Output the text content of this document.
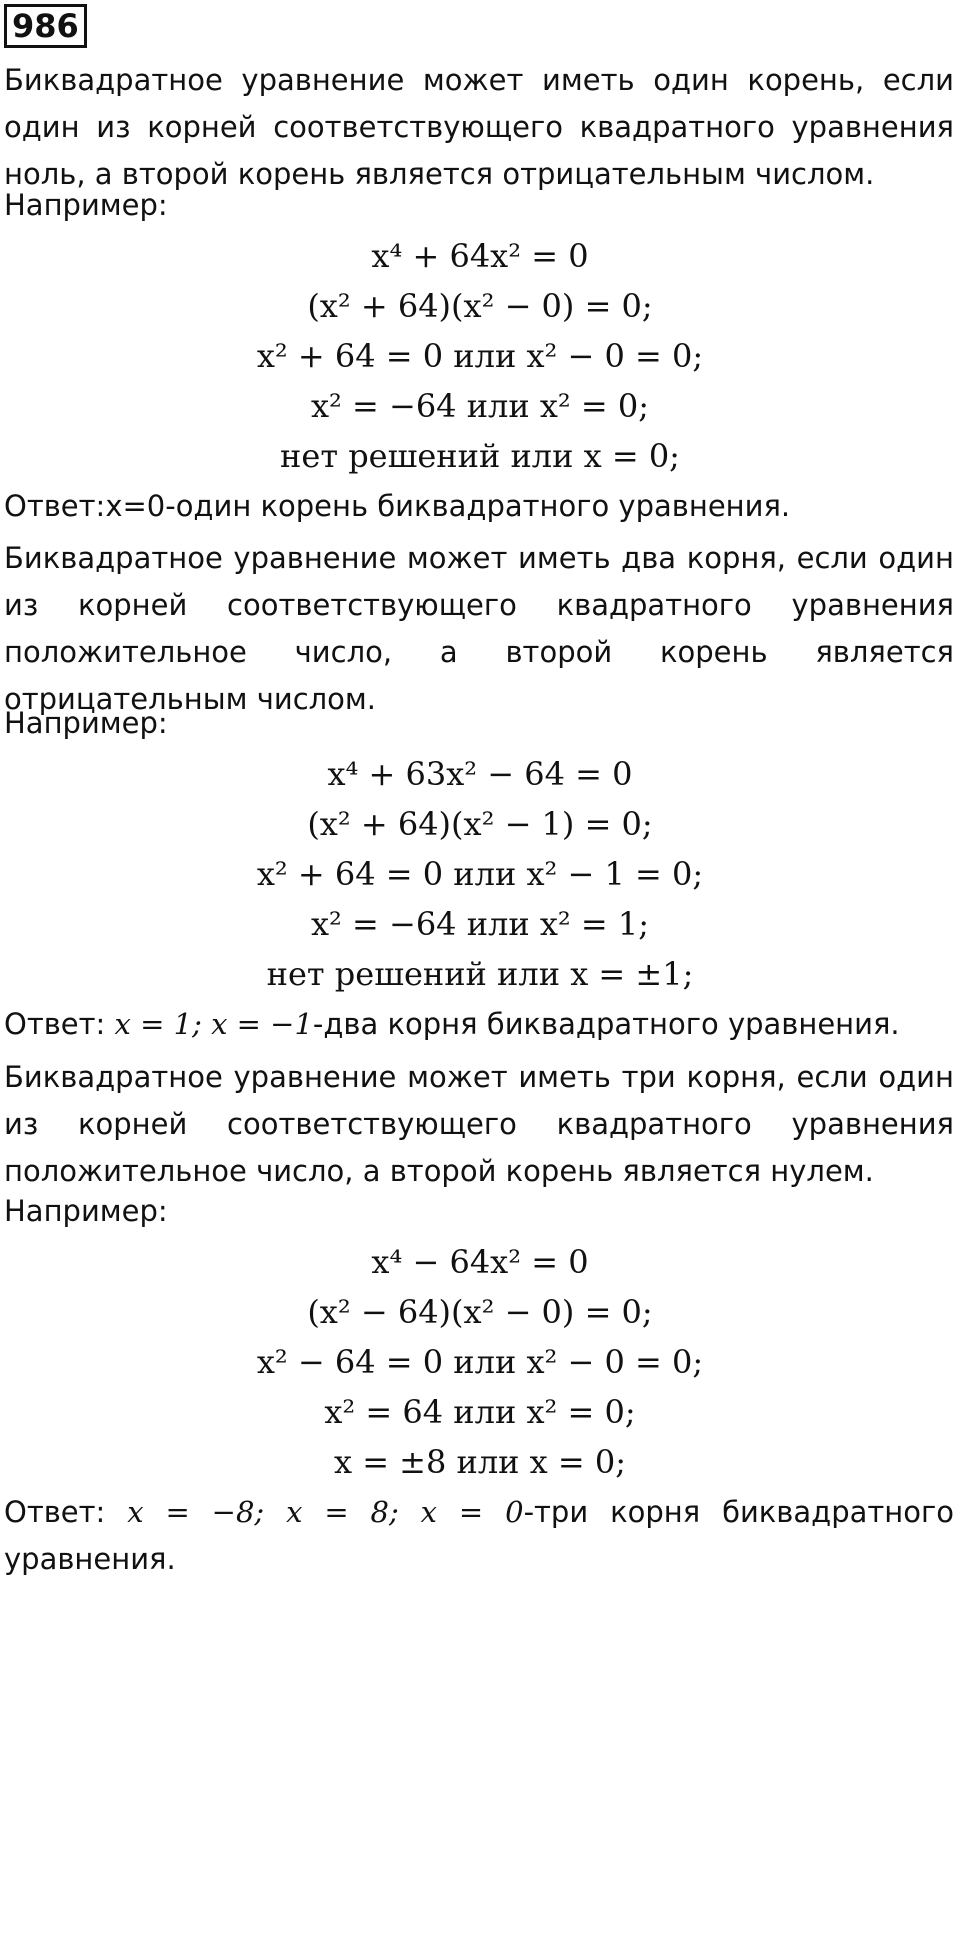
986
Биквадратное уравнение может иметь один корень, если один из корней соответствующего квадратного уравнения ноль, а второй корень является отрицательным числом.
Например:
x⁴ + 64x² = 0
(x² + 64)(x² − 0) = 0;
x² + 64 = 0 или x² − 0 = 0;
x² = −64 или x² = 0;
нет решений или x = 0;
Ответ:x=0-один корень биквадратного уравнения.
Биквадратное уравнение может иметь два корня, если один из корней соответствующего квадратного уравнения положительное число, а второй корень является отрицательным числом.
Например:
x⁴ + 63x² − 64 = 0
(x² + 64)(x² − 1) = 0;
x² + 64 = 0 или x² − 1 = 0;
x² = −64 или x² = 1;
нет решений или x = ±1;
Ответ: x = 1; x = −1-два корня биквадратного уравнения.
Биквадратное уравнение может иметь три корня, если один из корней соответствующего квадратного уравнения положительное число, а второй корень является нулем.
Например:
x⁴ − 64x² = 0
(x² − 64)(x² − 0) = 0;
x² − 64 = 0 или x² − 0 = 0;
x² = 64 или x² = 0;
x = ±8 или x = 0;
Ответ: x = −8; x = 8; x = 0-три корня биквадратного уравнения.
